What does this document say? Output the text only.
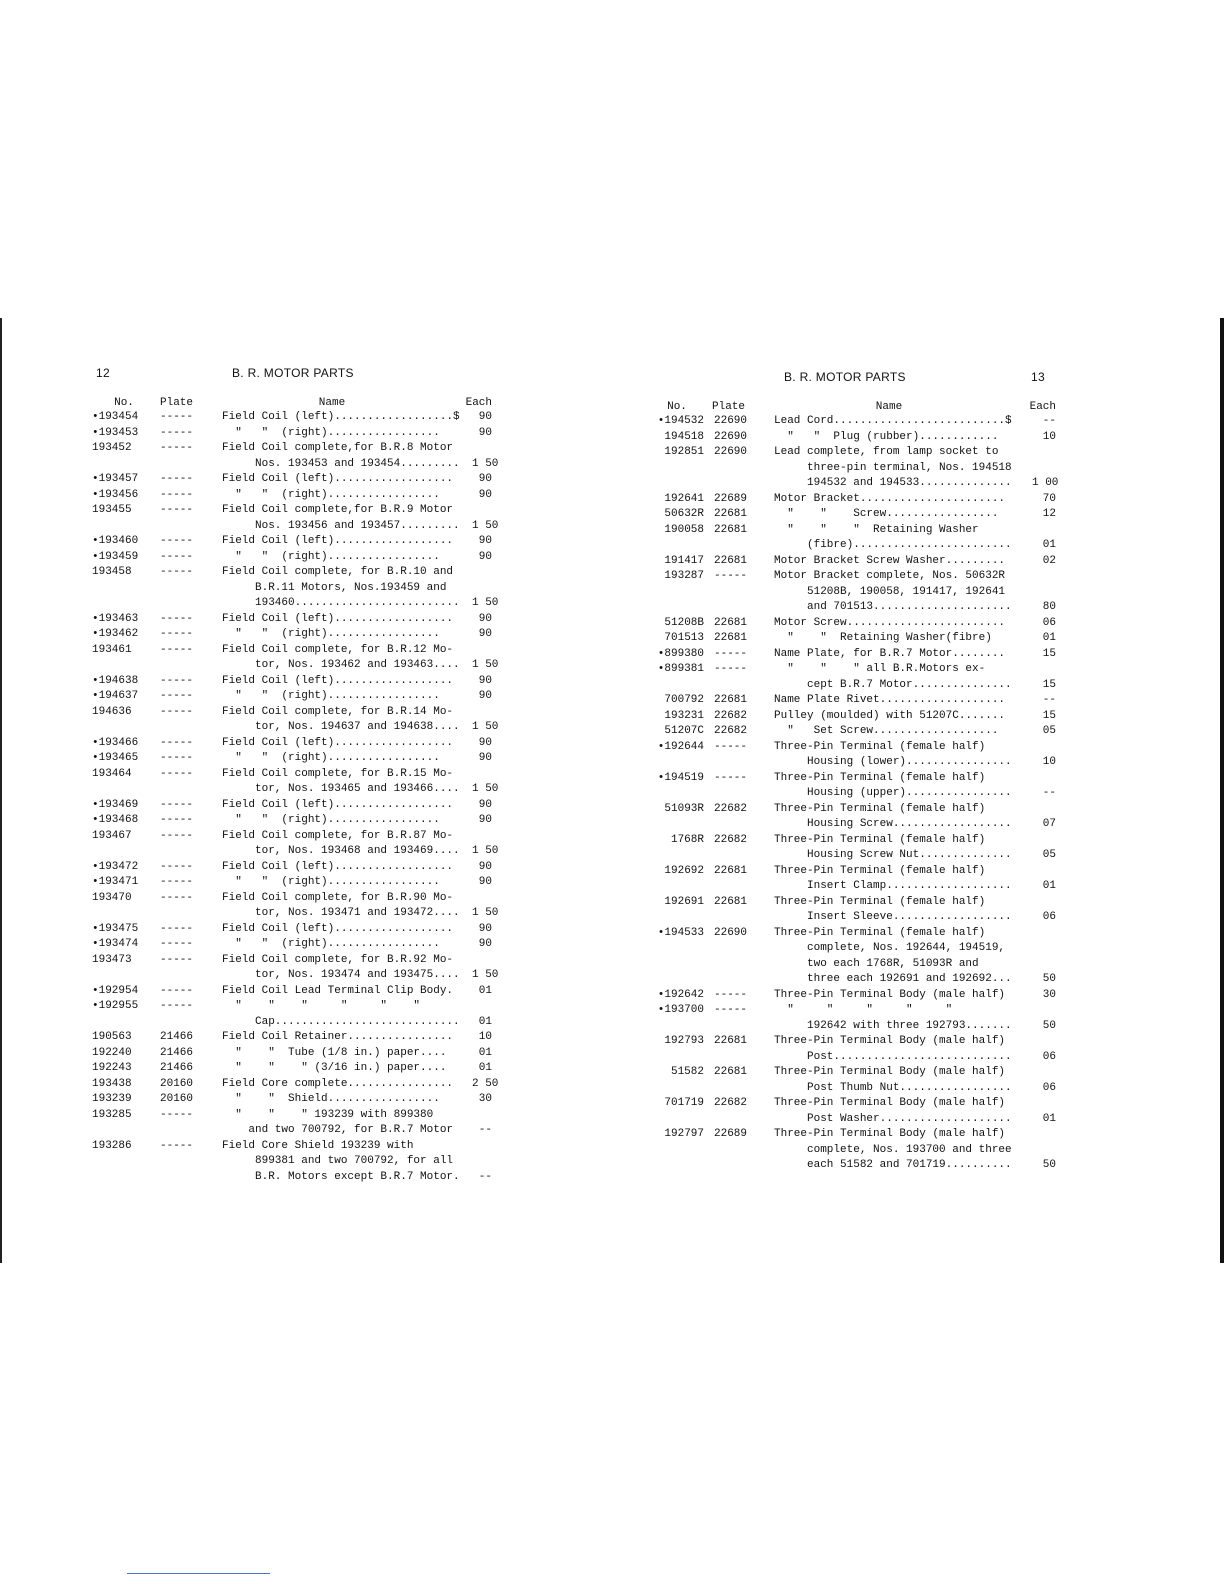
12	B. R. MOTOR PARTS
No.	Plate	Name	Each
•193454	-----	Field Coil (left)..................$	90
•193453	-----	"   "  (right).................	90
193452	-----	Field Coil complete,for B.R.8 Motor
Nos. 193453 and 193454.........	1 50
•193457	-----	Field Coil (left)..................	90
•193456	-----	"   "  (right).................	90
193455	-----	Field Coil complete,for B.R.9 Motor
Nos. 193456 and 193457.........	1 50
•193460	-----	Field Coil (left)..................	90
•193459	-----	"   "  (right).................	90
193458	-----	Field Coil complete, for B.R.10 and
B.R.11 Motors, Nos.193459 and
193460.........................	1 50
•193463	-----	Field Coil (left)..................	90
•193462	-----	"   "  (right).................	90
193461	-----	Field Coil complete, for B.R.12 Mo-
tor, Nos. 193462 and 193463....	1 50
•194638	-----	Field Coil (left)..................	90
•194637	-----	"   "  (right).................	90
194636	-----	Field Coil complete, for B.R.14 Mo-
tor, Nos. 194637 and 194638....	1 50
•193466	-----	Field Coil (left)..................	90
•193465	-----	"   "  (right).................	90
193464	-----	Field Coil complete, for B.R.15 Mo-
tor, Nos. 193465 and 193466....	1 50
•193469	-----	Field Coil (left)..................	90
•193468	-----	"   "  (right).................	90
193467	-----	Field Coil complete, for B.R.87 Mo-
tor, Nos. 193468 and 193469....	1 50
•193472	-----	Field Coil (left)..................	90
•193471	-----	"   "  (right).................	90
193470	-----	Field Coil complete, for B.R.90 Mo-
tor, Nos. 193471 and 193472....	1 50
•193475	-----	Field Coil (left)..................	90
•193474	-----	"   "  (right).................	90
193473	-----	Field Coil complete, for B.R.92 Mo-
tor, Nos. 193474 and 193475....	1 50
•192954	-----	Field Coil Lead Terminal Clip Body.	01
•192955	-----	"    "    "     "     "    "
Cap............................	01
190563	21466	Field Coil Retainer................	10
192240	21466	"    "  Tube (1/8 in.) paper....	01
192243	21466	"    "    " (3/16 in.) paper....	01
193438	20160	Field Core complete................	2 50
193239	20160	"    "  Shield.................	30
193285	-----	"    "    " 193239 with 899380
and two 700792, for B.R.7 Motor	--
193286	-----	Field Core Shield 193239 with
899381 and two 700792, for all
B.R. Motors except B.R.7 Motor.	--
B. R. MOTOR PARTS	13
No.	Plate	Name	Each
•194532 22690	Lead Cord..........................$	--
194518 22690	"   "  Plug (rubber)............	10
192851 22690	Lead complete, from lamp socket to
three-pin terminal, Nos. 194518
194532 and 194533..............	1 00
192641 22689	Motor Bracket......................	70
50632R 22681	"    "    Screw.................	12
190058 22681	"    "    "  Retaining Washer
(fibre)........................	01
191417 22681	Motor Bracket Screw Washer.........	02
193287 -----	Motor Bracket complete, Nos. 50632R
51208B, 190058, 191417, 192641
and 701513.....................	80
51208B 22681	Motor Screw........................	06
701513 22681	"    "  Retaining Washer(fibre)	01
•899380 -----	Name Plate, for B.R.7 Motor........	15
•899381 -----	"    "    " all B.R.Motors ex-
cept B.R.7 Motor...............	15
700792 22681	Name Plate Rivet...................	--
193231 22682	Pulley (moulded) with 51207C.......	15
51207C 22682	"   Set Screw...................	05
•192644 -----	Three-Pin Terminal (female half)
Housing (lower)................	10
•194519 -----	Three-Pin Terminal (female half)
Housing (upper)................	--
51093R 22682	Three-Pin Terminal (female half)
Housing Screw..................	07
1768R 22682	Three-Pin Terminal (female half)
Housing Screw Nut..............	05
192692 22681	Three-Pin Terminal (female half)
Insert Clamp...................	01
192691 22681	Three-Pin Terminal (female half)
Insert Sleeve..................	06
•194533 22690	Three-Pin Terminal (female half)
complete, Nos. 192644, 194519,
two each 1768R, 51093R and
three each 192691 and 192692...	50
•192642 -----	Three-Pin Terminal Body (male half)	30
•193700 -----	"     "     "     "     "
192642 with three 192793.......	50
192793 22681	Three-Pin Terminal Body (male half)
Post...........................	06
51582 22681	Three-Pin Terminal Body (male half)
Post Thumb Nut.................	06
701719 22682	Three-Pin Terminal Body (male half)
Post Washer....................	01
192797 22689	Three-Pin Terminal Body (male half)
complete, Nos. 193700 and three
each 51582 and 701719..........	50
